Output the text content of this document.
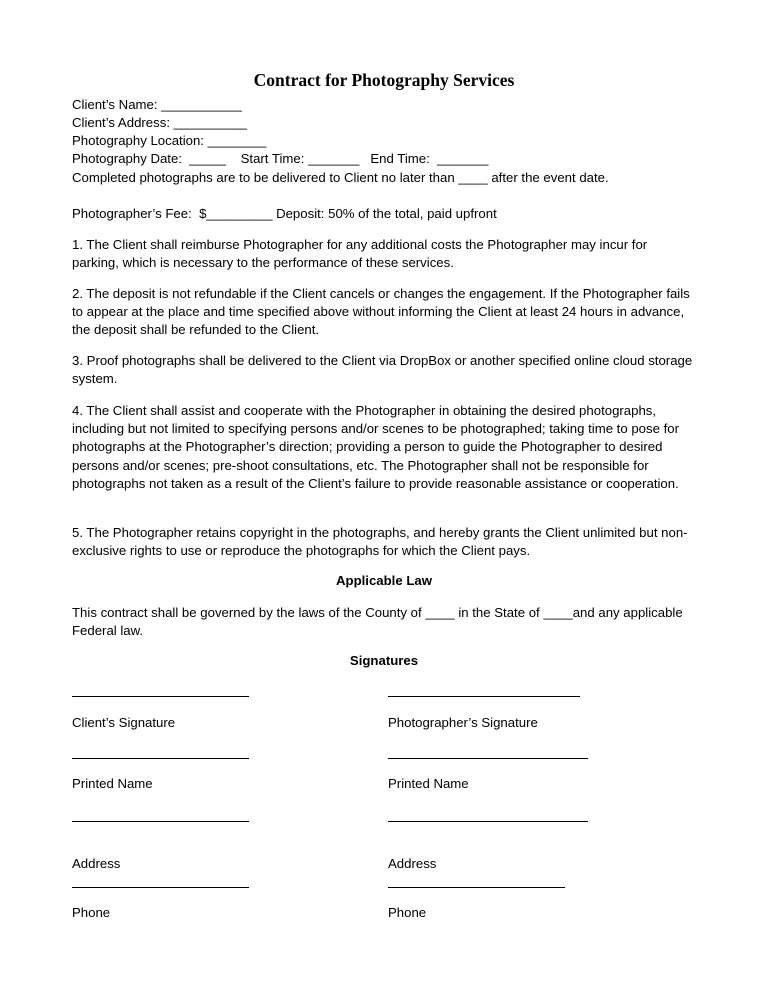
Contract for Photography Services
Client’s Name: ___________
Client’s Address: __________
Photography Location: ________
Photography Date:  _____    Start Time: _______   End Time:  _______
Completed photographs are to be delivered to Client no later than ____ after the event date.
Photographer’s Fee:  $_________ Deposit: 50% of the total, paid upfront
1. The Client shall reimburse Photographer for any additional costs the Photographer may incur for parking, which is necessary to the performance of these services.
2. The deposit is not refundable if the Client cancels or changes the engagement. If the Photographer fails to appear at the place and time specified above without informing the Client at least 24 hours in advance, the deposit shall be refunded to the Client.
3. Proof photographs shall be delivered to the Client via DropBox or another specified online cloud storage system.
4. The Client shall assist and cooperate with the Photographer in obtaining the desired photographs, including but not limited to specifying persons and/or scenes to be photographed; taking time to pose for photographs at the Photographer’s direction; providing a person to guide the Photographer to desired persons and/or scenes; pre-shoot consultations, etc. The Photographer shall not be responsible for photographs not taken as a result of the Client’s failure to provide reasonable assistance or cooperation.
5. The Photographer retains copyright in the photographs, and hereby grants the Client unlimited but non-exclusive rights to use or reproduce the photographs for which the Client pays.
Applicable Law
This contract shall be governed by the laws of the County of ____ in the State of ____and any applicable Federal law.
Signatures
Client’s Signature	Photographer’s Signature
Printed Name	Printed Name
Address	Address
Phone	Phone
